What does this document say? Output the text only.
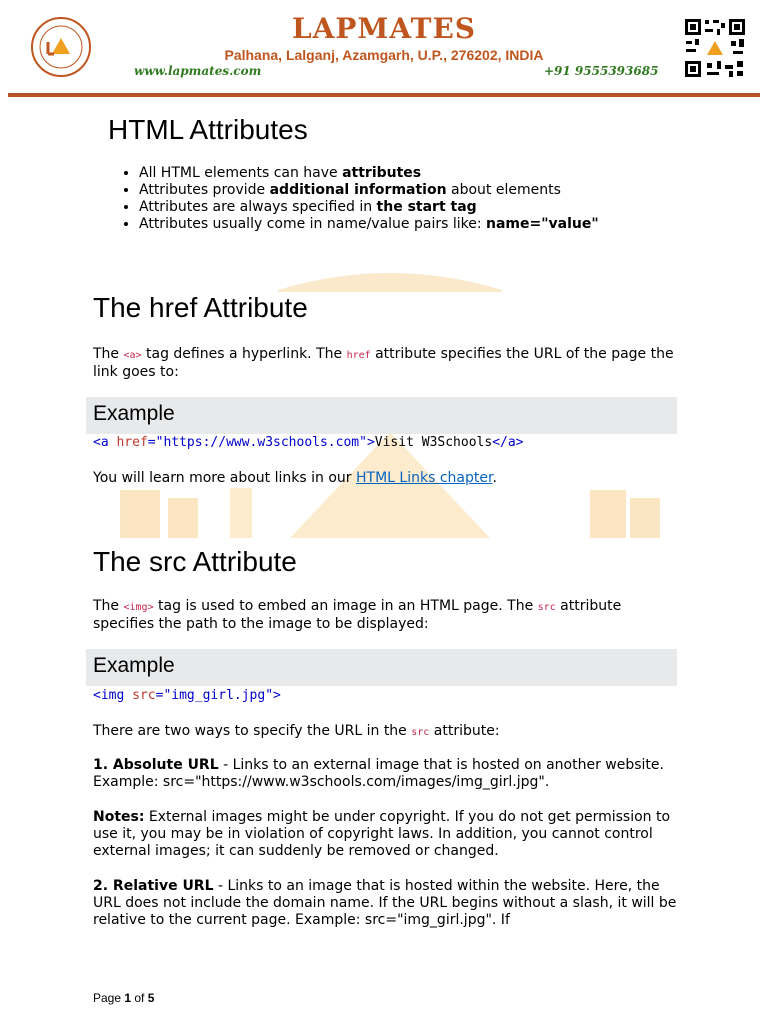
LAPMATES
Palhana, Lalganj, Azamgarh, U.P., 276202, INDIA
www.lapmates.com	+91 9555393685
HTML Attributes
• All HTML elements can have attributes
• Attributes provide additional information about elements
• Attributes are always specified in the start tag
• Attributes usually come in name/value pairs like: name="value"
The href Attribute
The <a> tag defines a hyperlink. The href attribute specifies the URL of the page the link goes to:
Example
<a href="https://www.w3schools.com">Visit W3Schools</a>
You will learn more about links in our HTML Links chapter.
The src Attribute
The <img> tag is used to embed an image in an HTML page. The src attribute specifies the path to the image to be displayed:
Example
<img src="img_girl.jpg">
There are two ways to specify the URL in the src attribute:
1. Absolute URL - Links to an external image that is hosted on another website. Example: src="https://www.w3schools.com/images/img_girl.jpg".
Notes: External images might be under copyright. If you do not get permission to use it, you may be in violation of copyright laws. In addition, you cannot control external images; it can suddenly be removed or changed.
2. Relative URL - Links to an image that is hosted within the website. Here, the URL does not include the domain name. If the URL begins without a slash, it will be relative to the current page. Example: src="img_girl.jpg". If
Page 1 of 5
